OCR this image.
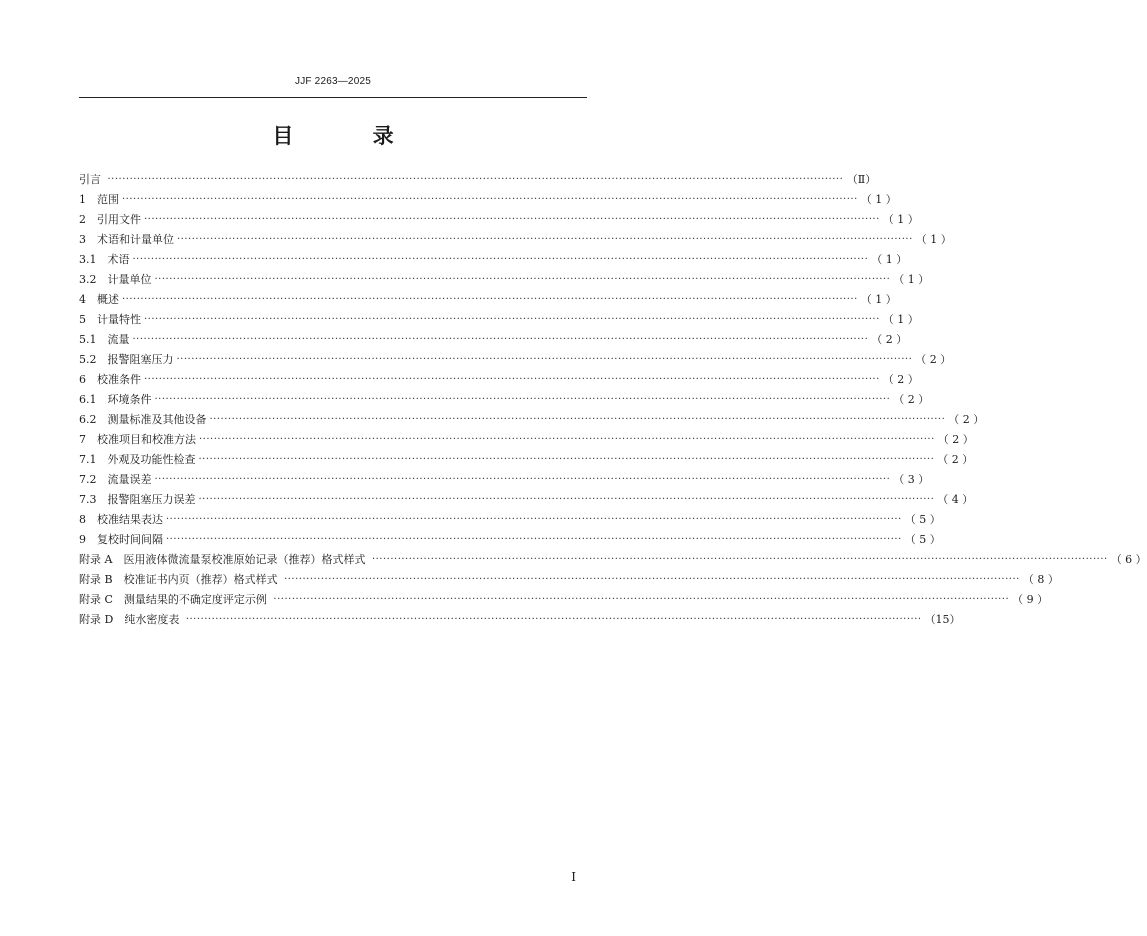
JJF 2263—2025
目 录
引言 ········································································································································································································ （Ⅱ）
1　范围 ········································································································································································································ （ 1 ）
2　引用文件 ········································································································································································································ （ 1 ）
3　术语和计量单位 ········································································································································································································ （ 1 ）
3.1　术语 ········································································································································································································ （ 1 ）
3.2　计量单位 ········································································································································································································ （ 1 ）
4　概述 ········································································································································································································ （ 1 ）
5　计量特性 ········································································································································································································ （ 1 ）
5.1　流量 ········································································································································································································ （ 2 ）
5.2　报警阻塞压力 ········································································································································································································ （ 2 ）
6　校准条件 ········································································································································································································ （ 2 ）
6.1　环境条件 ········································································································································································································ （ 2 ）
6.2　测量标准及其他设备 ········································································································································································································ （ 2 ）
7　校准项目和校准方法 ········································································································································································································ （ 2 ）
7.1　外观及功能性检查 ········································································································································································································ （ 2 ）
7.2　流量误差 ········································································································································································································ （ 3 ）
7.3　报警阻塞压力误差 ········································································································································································································ （ 4 ）
8　校准结果表达 ········································································································································································································ （ 5 ）
9　复校时间间隔 ········································································································································································································ （ 5 ）
附录 A　医用液体微流量泵校准原始记录（推荐）格式样式 ········································································································································································································ （ 6 ）
附录 B　校准证书内页（推荐）格式样式 ········································································································································································································ （ 8 ）
附录 C　测量结果的不确定度评定示例 ········································································································································································································ （ 9 ）
附录 D　纯水密度表 ········································································································································································································ （15）
Ⅰ
